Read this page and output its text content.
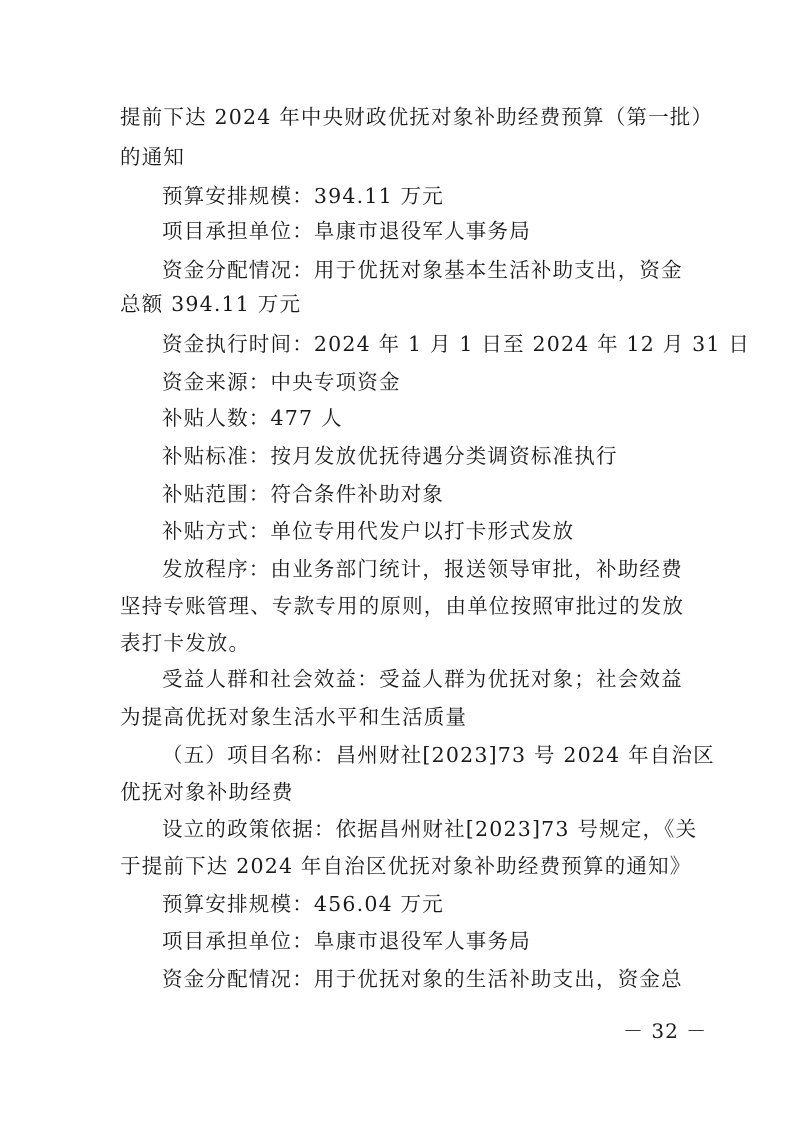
提前下达 2024 年中央财政优抚对象补助经费预算（第一批）
的通知
预算安排规模：394.11 万元
项目承担单位：阜康市退役军人事务局
资金分配情况：用于优抚对象基本生活补助支出，资金
总额 394.11 万元
资金执行时间：2024 年 1 月 1 日至 2024 年 12 月 31 日
资金来源：中央专项资金
补贴人数：477 人
补贴标准：按月发放优抚待遇分类调资标准执行
补贴范围：符合条件补助对象
补贴方式：单位专用代发户以打卡形式发放
发放程序：由业务部门统计，报送领导审批，补助经费
坚持专账管理、专款专用的原则，由单位按照审批过的发放
表打卡发放。
受益人群和社会效益：受益人群为优抚对象；社会效益
为提高优抚对象生活水平和生活质量
（五）项目名称：昌州财社[2023]73 号 2024 年自治区
优抚对象补助经费
设立的政策依据：依据昌州财社[2023]73 号规定，《关
于提前下达 2024 年自治区优抚对象补助经费预算的通知》
预算安排规模：456.04 万元
项目承担单位：阜康市退役军人事务局
资金分配情况：用于优抚对象的生活补助支出，资金总
－ 32 －
